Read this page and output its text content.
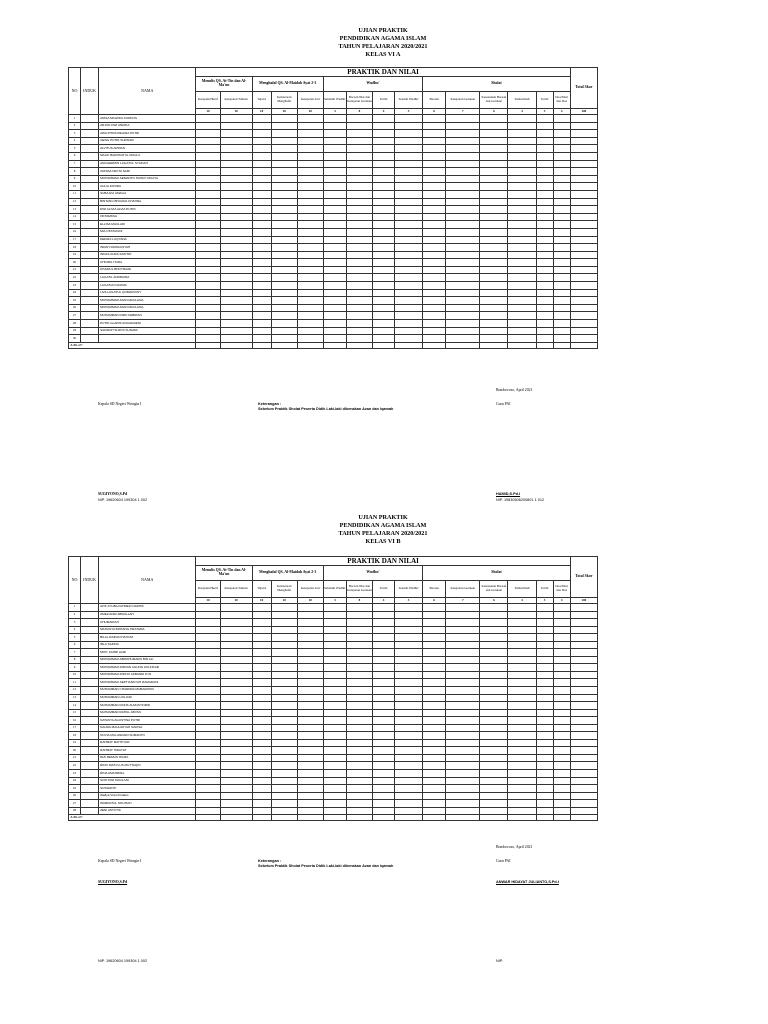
UJIAN PRAKTIK
PENDIDIKAN AGAMA ISLAM
TAHUN PELAJARAN 2020/2021
KELAS VI A
NO	INDUK	NAMA	PRAKTIK DAN NILAI															Total Skor
			Menulis QS. At-Tin dan Al-Ma'un		Menghafal QS. Al-Maidah Ayat 2-3			Wudhu'				Sholat						
			Kerapian Huruf	Ketepatan Tulisan	Tajwid	Kelancaran Menghafal	Ketepatan Arti	Sebelum Wudhu'	Bacaan Niat dan Ketepatan Gerakan	Tertib	Setelah Wudhu'	Bacaan	Ketepatan Gerakan	Kesesuaian Bacaan dan Gerakan	Tuma'ninah	Tertib	Doa/Zikir dan Doa	
			10	10	10	10	10	3	8	4	3	6	7	6	4	3	4	100
1		ANISA MAGHFA KUDDUS																
2		ARJUN DWI ANDIKA																
3		AWA PITRA REGINA PUTRI																
4		GENG PUTRI SUPANDI																
5		ALVITUS APRIAN																
6		MALIK BAROKATUL MAULA																
7		ANGGERMIN LAILATUL SYAFIAH																
8		ANNISA NIKITA SARI																
9		MOHAMMAD SEMANTO HANDY MUAYA																
10		AULIA ZAHIRA																
11		SUBA EVI AMALIA																
12		BINTANG BHUANA CHANNA																
13		DWI ALIVIA ALVIA PUTRI																
14		OKTAMKSA																
15		ELLISA MAULADI																
16		MIA OKTAVIANI																
17		DEFIRA LUQYANA																
18		INDAH FIRDAUSYAH																
19		INDAS AURA SAFITRI																
20		CHOIRIL HUDA																
21		KHAIRUL BHOTRIANI																
22		LAILATIL ANDRIANA																
23		LAILATUN NAJIMA																
24		LIVA LAILATUL QOMARIYAH																
25		MOHAMMAD AFAN MAULANA																
26		MOHAMMAD AFAN MAULANA																
27		MUHAMMAD RIZKI FEBRIAN																
28		PUTRI GLADIS ANGGRAENI																
29		SAFIRAH SURYA SUNAMI																
30																		
JUMLAH																		
Bondowoso, April 2021
Kepala SD Negeri Wringin I	Keterangan :
Sebelum Praktik Sholat Peserta Didik Laki-laki dikenakan Azan dan Iqamah
Guru PAI
SUGIYONO,S.Pd
NIP. 19620604 199304 1 002
HAMID,S.Pd.I
NIP. 19830506200801 1 012
UJIAN PRAKTIK
PENDIDIKAN AGAMA ISLAM
TAHUN PELAJARAN 2020/2021
KELAS VI B
NO	INDUK	NAMA	PRAKTIK DAN NILAI															Total Skor
			Menulis QS. At-Tin dan Al-Ma'un		Menghafal QS. Al-Maidah Ayat 2-3			Wudhu'				Sholat						
			Kerapian Huruf	Ketepatan Tulisan	Tajwid	Kelancaran Menghafal	Ketepatan Arti	Sebelum Wudhu'	Bacaan Niat dan Ketepatan Gerakan	Tertib	Setelah Wudhu'	Bacaan	Ketepatan Gerakan	Kesesuaian Bacaan dan Gerakan	Tuma'ninah	Tertib	Doa/Zikir dan Doa	
			10	10	10	10	10	3	8	4	3	6	7	6	4	3	4	100
1		AFIF AYUBA FAHREZI NADHIF																
2		AMELIANDI ABDULLAH																
3		CHUMAIRAH																
4		MAHASYA BINTANG PRATAMA																
5		BILAL RAIFAN HAYKIM																
6		IRLA SAFINA																
7		MOH. FAHRI ALMI																
8		MOHAMMAD ABROHUMARO BIN ALI																
9		MOHAMMAD RIDVAN AGUNG ZULFIKAR																
10		MOHAMMAD RIZKIO AKBANDI D.W																
11		MOHAMMAD SEPTIANSYAH RAMADANI																
12		MUHAMMAD CHANDRA MUBAROKKI																
13		MUHAMMAD LIKLIANI																
14		MUHAMMAD RAFIS ALMUSYFIRIN																
15		MUHAMMAD RAHUL ABYAN																
16		NATASYA AGUSTINA PUTRI																
17		NAURA MAULIDIYAH NAFISA																
18		NOVIA MULANDARI SUMANTO																
19		RAHMAT MAHTIYAR																
20		RAHMAT HIDAYAT																
21		RIZI REMUS HILMA																
22		RIFKI MASYLUS MUTTAQIN																
23		RINA AMAHRINA																
24		SOFI DWI MAULANI																
25		SUSWANTI																
26		Wafiya Vrani Firdaus																
27		WARDATUL SOLIHAH																
28		ZENI ASTUTIK																
JUMLAH																		
Bondowoso, April 2021
Kepala SD Negeri Wringin I	Keterangan :
Sebelum Praktik Sholat Peserta Didik Laki-laki dikenakan Azan dan Iqamah
Guru PAI
SUGIYONO,S.Pd	ANWAR HIDAYAT JULIANTO,S.Pd.I
NIP. 19620604 199304 1 002	NIP.
